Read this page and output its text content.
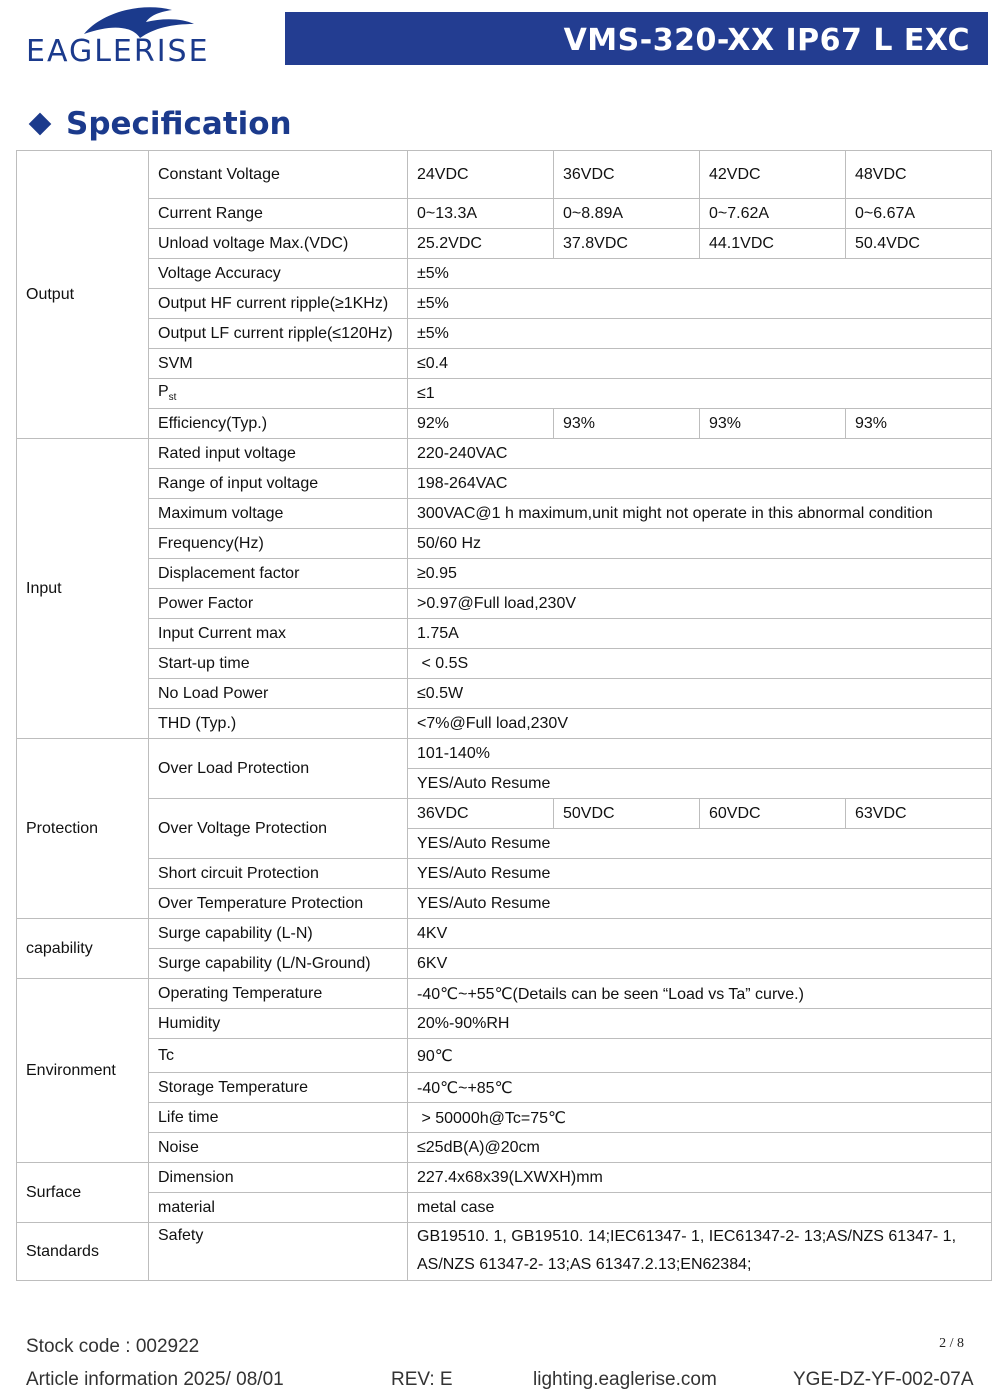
EAGLERISE	VMS-320-XX IP67 L EXC
Specification
Output	Constant Voltage	24VDC	36VDC	42VDC	48VDC
	Current Range	0~13.3A	0~8.89A	0~7.62A	0~6.67A
	Unload voltage Max.(VDC)	25.2VDC	37.8VDC	44.1VDC	50.4VDC
	Voltage Accuracy	±5%			
	Output HF current ripple(≥1KHz)	±5%			
	Output LF current ripple(≤120Hz)	±5%			
	SVM	≤0.4			
	$P_{st}$	≤1			
	Efficiency(Typ.)	92%	93%	93%	93%
Input	Rated input voltage	220-240VAC			
	Range of input voltage	198-264VAC			
	Maximum voltage	300VAC@1 h maximum,unit might not operate in this abnormal condition			
	Frequency(Hz)	50/60 Hz			
	Displacement factor	≥0.95			
	Power Factor	>0.97@Full load,230V			
	Input Current max	1.75A			
	Start-up time	< 0.5S			
	No Load Power	≤0.5W			
	THD (Typ.)	<7%@Full load,230V			
Protection	Over Load Protection	101-140%			
		YES/Auto Resume			
	Over Voltage Protection	36VDC	50VDC	60VDC	63VDC
		YES/Auto Resume			
	Short circuit Protection	YES/Auto Resume			
	Over Temperature Protection	YES/Auto Resume			
capability	Surge capability (L-N)	4KV			
	Surge capability (L/N-Ground)	6KV			
Environment	Operating Temperature	-40℃~+55℃(Details can be seen “Load vs Ta” curve.)			
	Humidity	20%-90%RH			
	Tc	90℃			
	Storage Temperature	-40℃~+85℃			
	Life time	> 50000h@Tc=75℃			
	Noise	≤25dB(A)@20cm			
Surface	Dimension	227.4x68x39(LXWXH)mm			
	material	metal case			
Standards	Safety	GB19510. 1, GB19510. 14;IEC61347- 1, IEC61347-2- 13;AS/NZS 61347- 1, AS/NZS 61347-2- 13;AS 61347.2.13;EN62384;			
Stock code : 002922	2 / 8
Article information 2025/ 08/01	REV: E	lighting.eaglerise.com	YGE-DZ-YF-002-07A
